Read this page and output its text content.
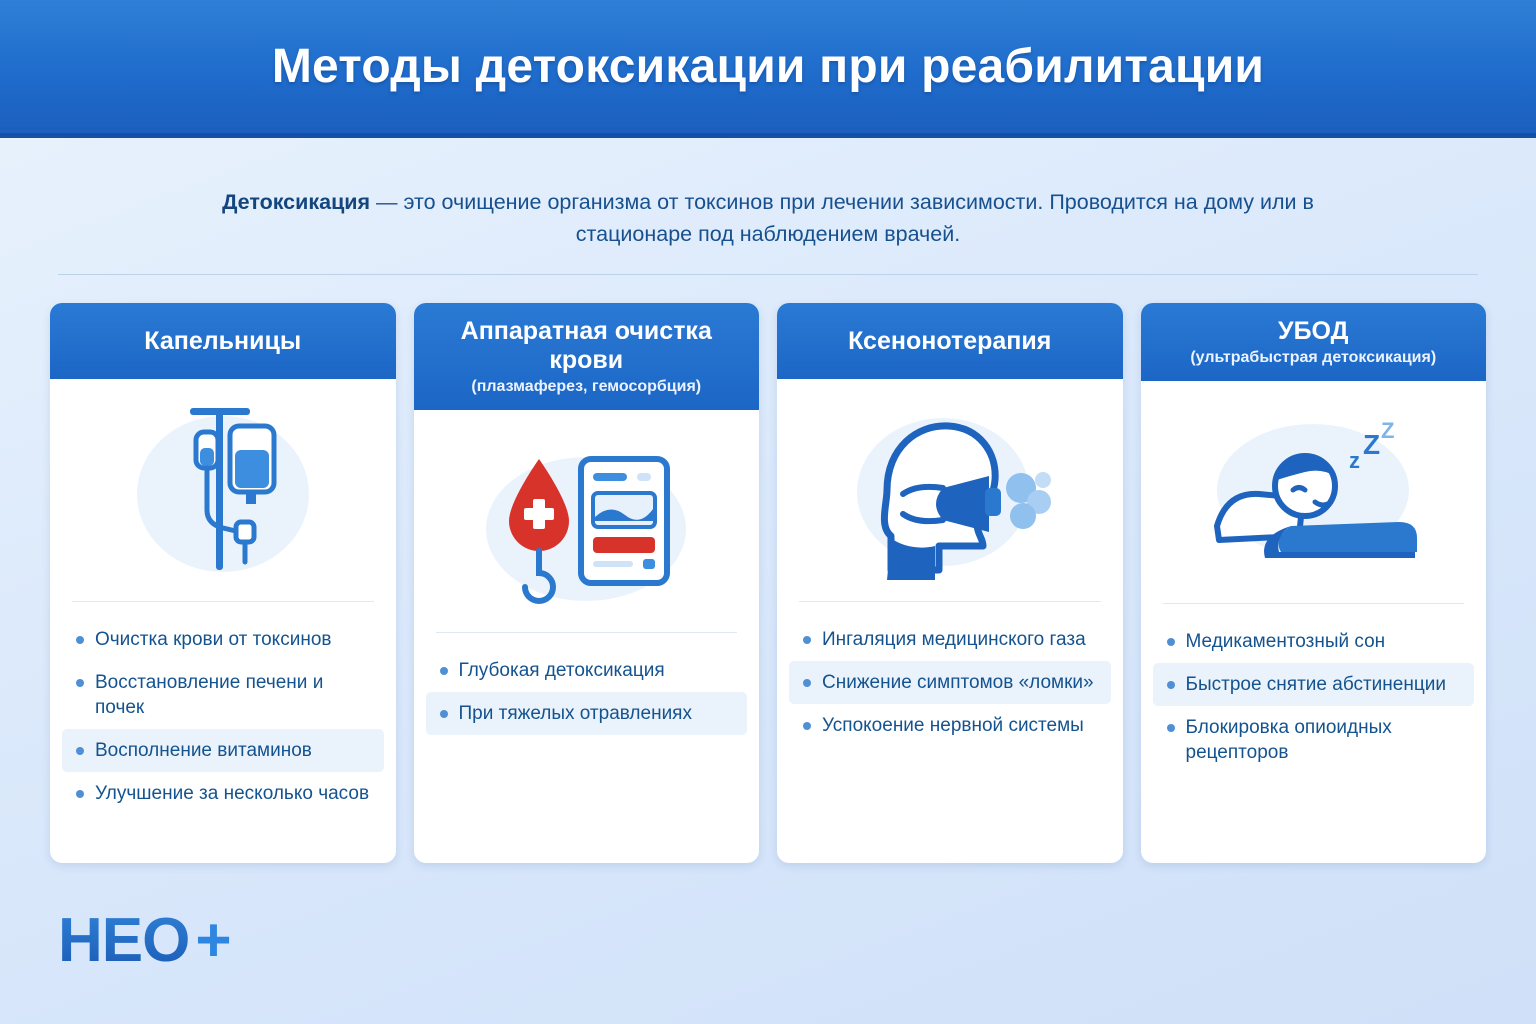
Методы детоксикации при реабилитации

Детоксикация — это очищение организма от токсинов при лечении зависимости. Проводится на дому или в стационаре под наблюдением врачей.

Капельницы
Очистка крови от токсинов
Восстановление печени и почек
Восполнение витаминов
Улучшение за несколько часов
Аппаратная очистка крови
(плазмаферез, гемосорбция)
Глубокая детоксикация
При тяжелых отравлениях
Ксенонотерапия
Ингаляция медицинского газа
Снижение симптомов «ломки»
Успокоение нервной системы
УБОД
(ультрабыстрая детоксикация)
z
Z Z
Медикаментозный сон
Быстрое снятие абстиненции
Блокировка опиоидных рецепторов
HEO +
